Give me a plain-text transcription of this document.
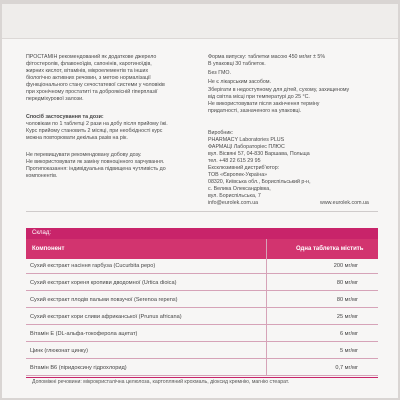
ПРОСТАМІН рекомендований як додаткове джерело
фітостеролів, флавоноїдів, сапонінів, каротиноїдів,
жирних кислот, вітамінів, мікроелементів та інших
біологічно активних речовин, з метою нормалізації
функціонального стану сечостатевої системи у чоловіків
при хронічному простатиті та доброякісній гіперплазії
передміхурової залози.
Спосіб застосування та дози:
чоловікам по 1 таблетці 2 рази на добу після прийому їжі.
Курс прийому становить 2 місяці, при необхідності курс
можна повторювати декілька разів на рік.
Не перевищувати рекомендовану добову дозу.
Не використовувати як заміну повноцінного харчування.
Протипоказання: індивідуальна підвищена чутливість до
компонентів.
Форма випуску: таблетки масою 450 мг/мг ± 5%
В упаковці 30 таблеток.
Без ГМО.
Не є лікарським засобом.
Зберігати в недоступному для дітей, сухому, захищеному
від світла місці при температурі до 25 °С.
Не використовувати після закінчення терміну
придатності, зазначеного на упаковці.
Виробник:
PHARMACY Laboratories PLUS
ФАРМАЦІ Лабораторіес ПЛЮС
вул. Вісвяні 57, 04-830 Варшава, Польща
тел. +48 22 615 29 95
Ексклюзивний дистриб'ютор:
ТОВ «Європек-Україна»
08320, Київська обл., Бориспільський р-н,
с. Велика Олександрівка,
вул. Бориспільська, 7
info@eurolek.com.ua	www.eurolek.com.ua
Склад:
Компонент	Одна таблетка містить
Сухий екстракт насіння гарбуза (Cucurbita pepo)	200 мг/мг
Сухий екстракт кореня кропиви дводомної (Urtica dioica)	80 мг/мг
Сухий екстракт плодів пальми повзучої (Serenoa repens)	80 мг/мг
Сухий екстракт кори сливи африканської (Prunus africana)	25 мг/мг
Вітамін Е (DL-альфа-токоферола ацетат)	6 мг/мг
Цинк (глюконат цинку)	5 мг/мг
Вітамін В6 (піридоксину гідрохлорид)	0,7 мг/мг
Допоміжні речовини: мікрокристалічна целюлоза, картопляний крохмаль, діоксид кремнію, магнію стеарат.
